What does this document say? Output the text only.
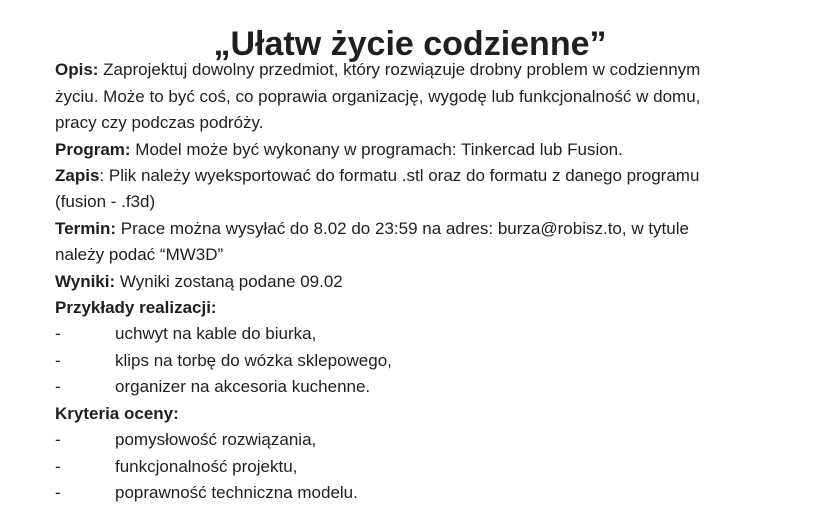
„Ułatw życie codzienne”

Opis: Zaprojektuj dowolny przedmiot, który rozwiązuje drobny problem w codziennym życiu. Może to być coś, co poprawia organizację, wygodę lub funkcjonalność w domu, pracy czy podczas podróży.

Program: Model może być wykonany w programach: Tinkercad lub Fusion.

Zapis: Plik należy wyeksportować do formatu .stl oraz do formatu z danego programu (fusion - .f3d)

Termin: Prace można wysyłać do 8.02 do 23:59 na adres: burza@robisz.to, w tytule należy podać “MW3D”

Wyniki: Wyniki zostaną podane 09.02

Przykłady realizacji:

-	uchwyt na kable do biurka,
-	klips na torbę do wózka sklepowego,
-	organizer na akcesoria kuchenne.

Kryteria oceny:

-	pomysłowość rozwiązania,
-	funkcjonalność projektu,
-	poprawność techniczna modelu.
